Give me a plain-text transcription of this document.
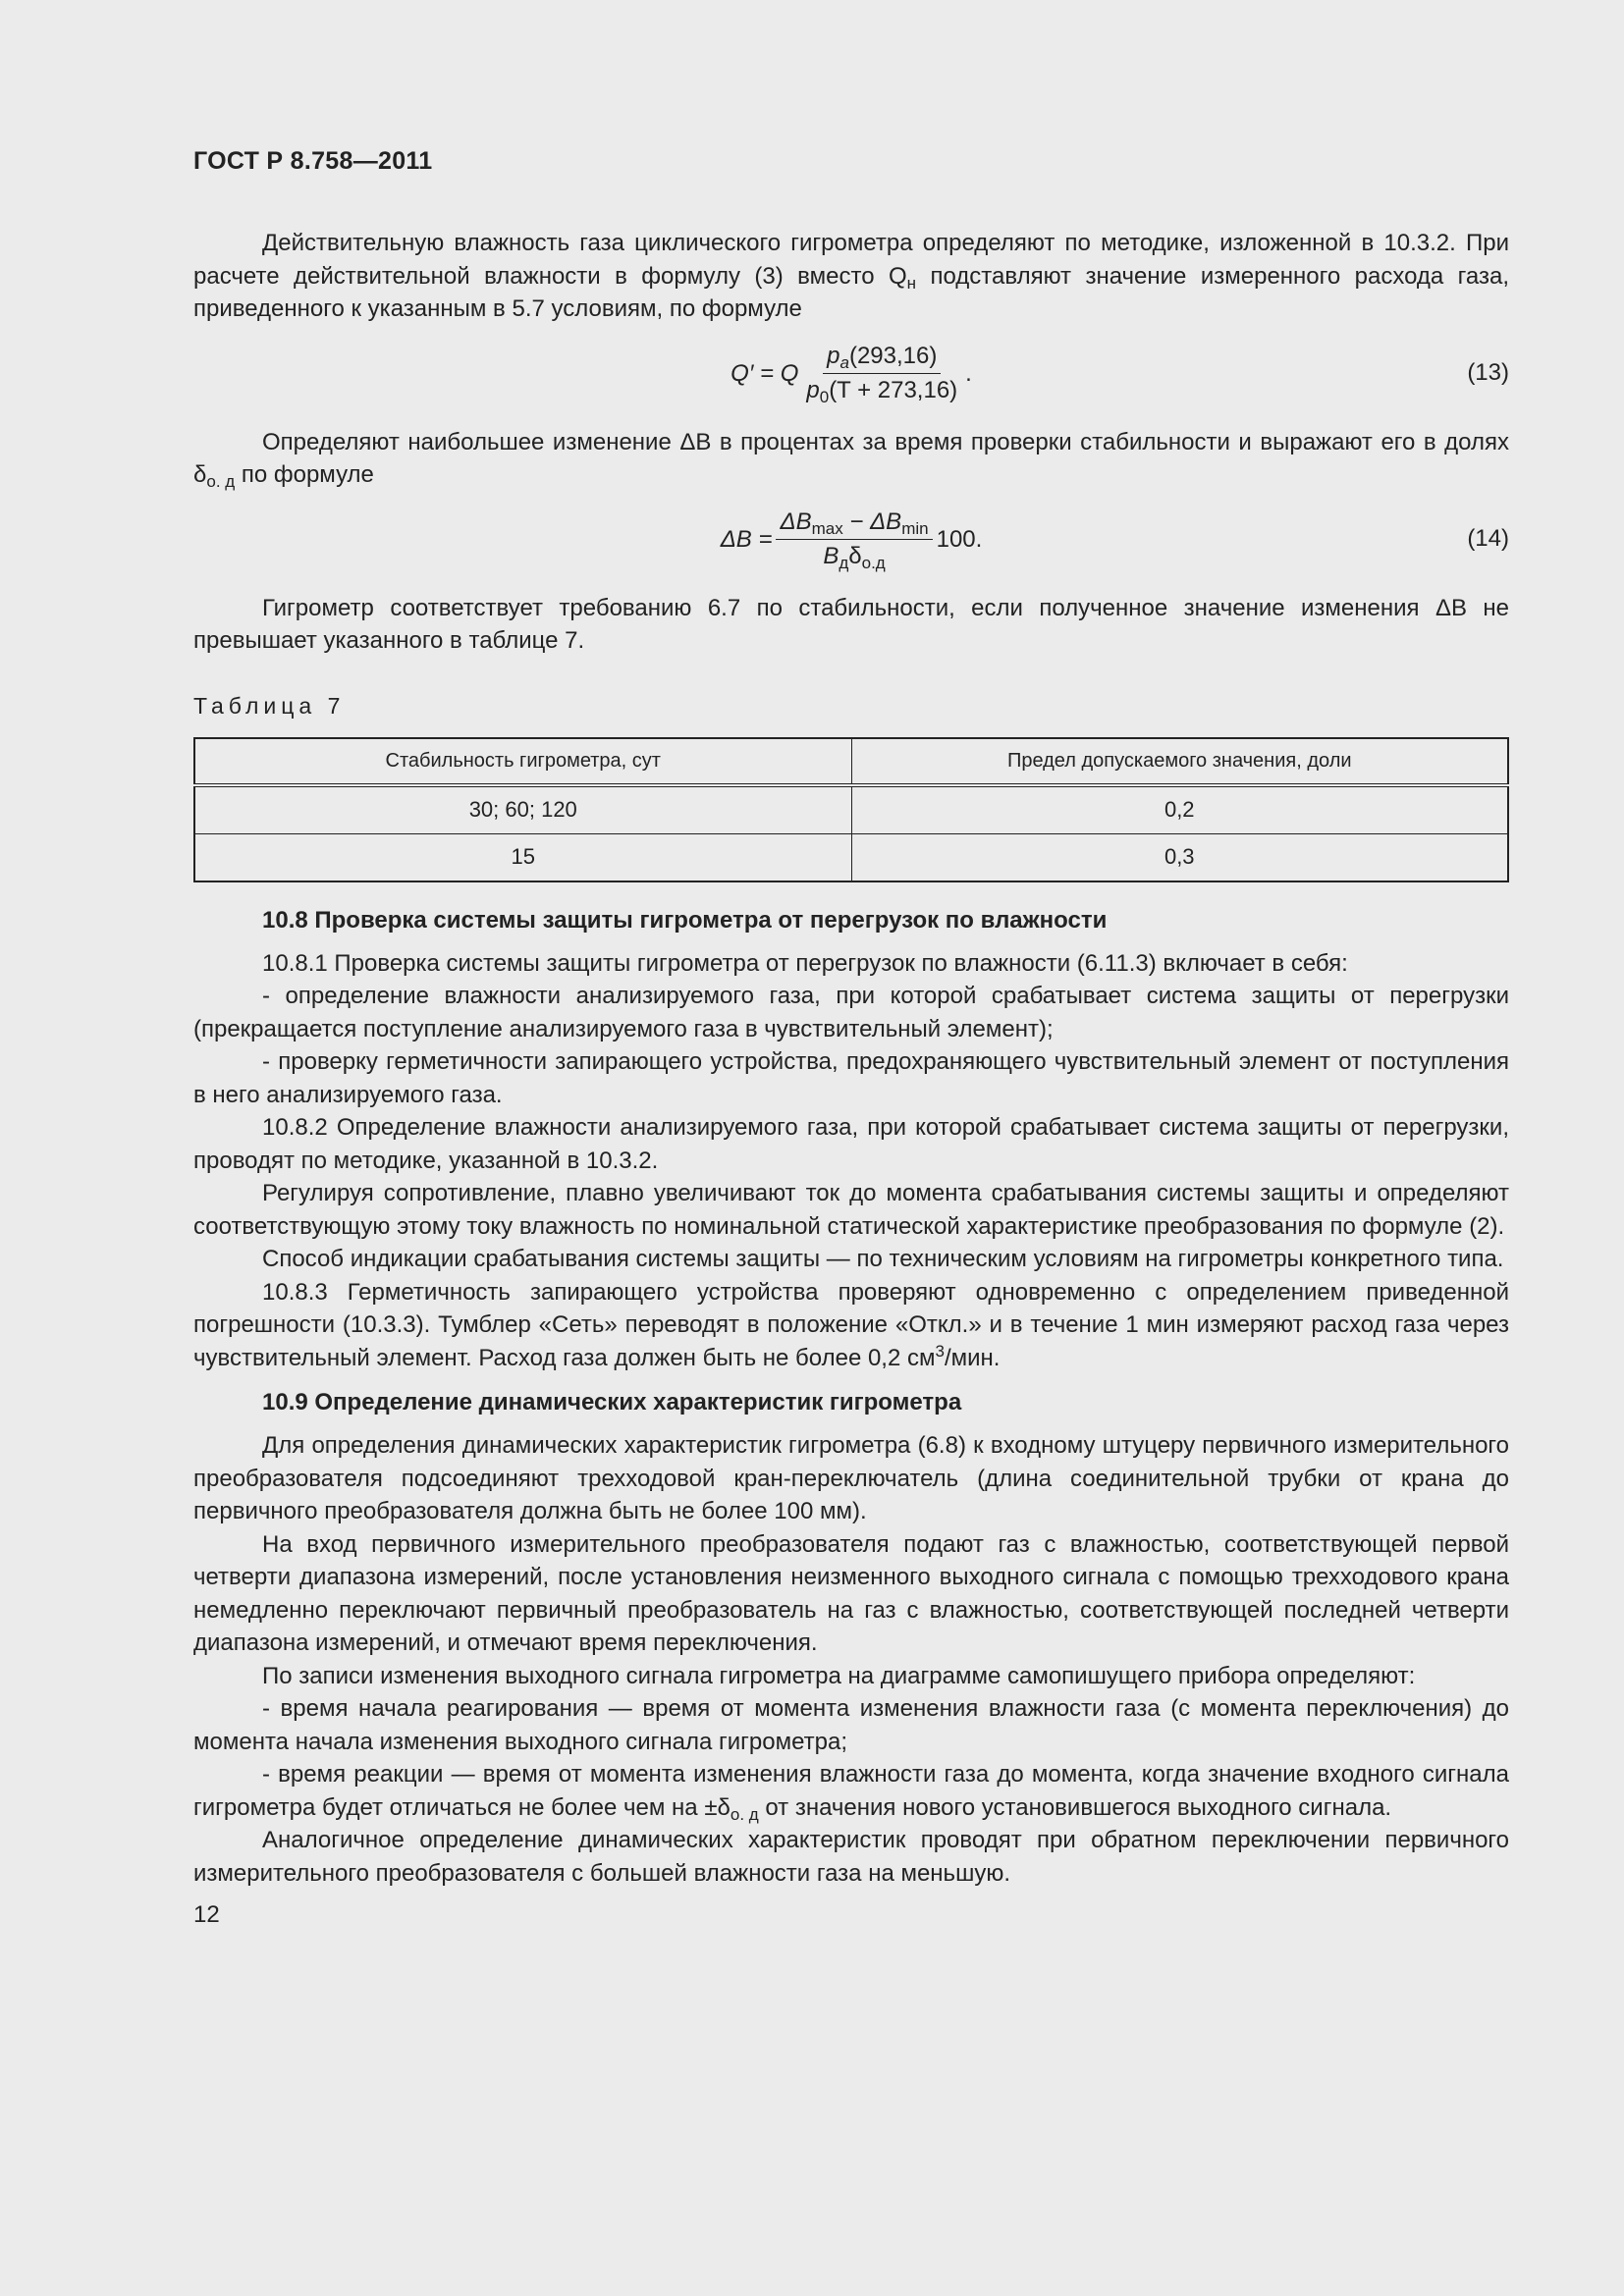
ГОСТ Р 8.758—2011

Действительную влажность газа циклического гигрометра определяют по методике, изложенной в 10.3.2. При расчете действительной влажности в формулу (3) вместо $Q_н$ подставляют значение измеренного расхода газа, приведенного к указанным в 5.7 условиям, по формуле

Q′ = Q $\frac{p_a(293,16)}{p_0(T + 273,16)}$ .	(13)

Определяют наибольшее изменение ΔB в процентах за время проверки стабильности и выражают его в долях $\delta_{о. д}$ по формуле

$\Delta B = \frac{\Delta B_{max} - \Delta B_{min}}{B_д\delta_{о.д}} 100$.	(14)

Гигрометр соответствует требованию 6.7 по стабильности, если полученное значение изменения ΔB не превышает указанного в таблице 7.

Таблица 7
Стабильность гигрометра, сут	Предел допускаемого значения, доли
30; 60; 120	0,2
15	0,3
10.8 Проверка системы защиты гигрометра от перегрузок по влажности

10.8.1 Проверка системы защиты гигрометра от перегрузок по влажности (6.11.3) включает в себя:

- определение влажности анализируемого газа, при которой срабатывает система защиты от перегрузки (прекращается поступление анализируемого газа в чувствительный элемент);

- проверку герметичности запирающего устройства, предохраняющего чувствительный элемент от поступления в него анализируемого газа.

10.8.2 Определение влажности анализируемого газа, при которой срабатывает система защиты от перегрузки, проводят по методике, указанной в 10.3.2.

Регулируя сопротивление, плавно увеличивают ток до момента срабатывания системы защиты и определяют соответствующую этому току влажность по номинальной статической характеристике преобразования по формуле (2).

Способ индикации срабатывания системы защиты — по техническим условиям на гигрометры конкретного типа.

10.8.3 Герметичность запирающего устройства проверяют одновременно с определением приведенной погрешности (10.3.3). Тумблер «Сеть» переводят в положение «Откл.» и в течение 1 мин измеряют расход газа через чувствительный элемент. Расход газа должен быть не более 0,2 $см^3$/мин.

10.9 Определение динамических характеристик гигрометра

Для определения динамических характеристик гигрометра (6.8) к входному штуцеру первичного измерительного преобразователя подсоединяют трехходовой кран-переключатель (длина соединительной трубки от крана до первичного преобразователя должна быть не более 100 мм).

На вход первичного измерительного преобразователя подают газ с влажностью, соответствующей первой четверти диапазона измерений, после установления неизменного выходного сигнала с помощью трехходового крана немедленно переключают первичный преобразователь на газ с влажностью, соответствующей последней четверти диапазона измерений, и отмечают время переключения.

По записи изменения выходного сигнала гигрометра на диаграмме самопишущего прибора определяют:

- время начала реагирования — время от момента изменения влажности газа (с момента переключения) до момента начала изменения выходного сигнала гигрометра;

- время реакции — время от момента изменения влажности газа до момента, когда значение входного сигнала гигрометра будет отличаться не более чем на $\pm\delta_{о. д}$ от значения нового установившегося выходного сигнала.

Аналогичное определение динамических характеристик проводят при обратном переключении первичного измерительного преобразователя с большей влажности газа на меньшую.

12
